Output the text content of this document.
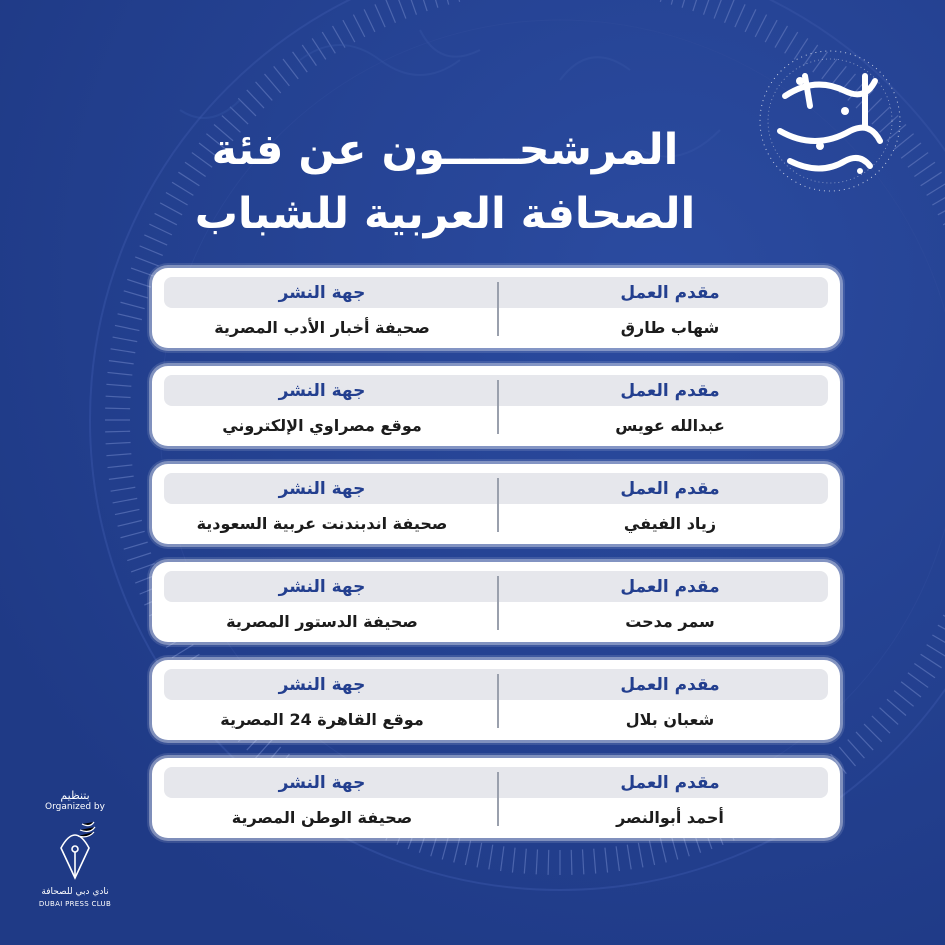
المرشحـــــون عن فئة
الصحافة العربية للشباب
مقدم العمل
جهة النشر
شهاب طارق
صحيفة أخبار الأدب المصرية
مقدم العمل
جهة النشر
عبدالله عويس
موقع مصراوي الإلكتروني
مقدم العمل
جهة النشر
زياد الفيفي
صحيفة اندبندنت عربية السعودية
مقدم العمل
جهة النشر
سمر مدحت
صحيفة الدستور المصرية
مقدم العمل
جهة النشر
شعبان بلال
موقع القاهرة 24 المصرية
مقدم العمل
جهة النشر
أحمد أبوالنصر
صحيفة الوطن المصرية
بتنظيم
Organized by
نادي دبي للصحافة
DUBAI PRESS CLUB
